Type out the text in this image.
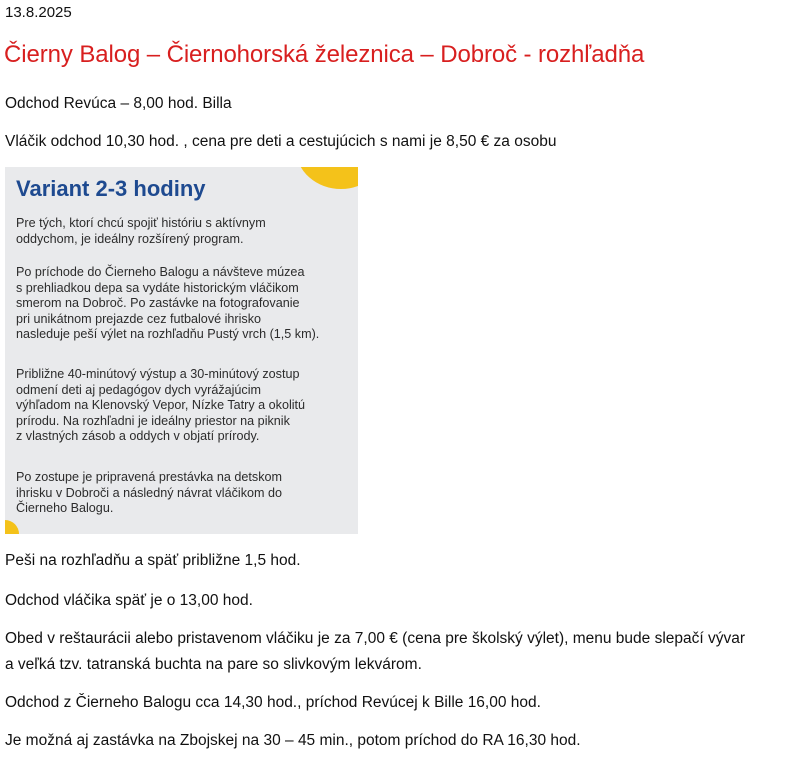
13.8.2025
Čierny Balog – Čiernohorská železnica – Dobroč - rozhľadňa
Odchod Revúca – 8,00 hod. Billa
Vláčik odchod 10,30 hod. , cena pre deti a cestujúcich s nami je 8,50 € za osobu
Variant 2-3 hodiny
Pre tých, ktorí chcú spojiť históriu s aktívnym
oddychom, je ideálny rozšírený program.
Po príchode do Čierneho Balogu a návšteve múzea
s prehliadkou depa sa vydáte historickým vláčikom
smerom na Dobroč. Po zastávke na fotografovanie
pri unikátnom prejazde cez futbalové ihrisko
nasleduje peší výlet na rozhľadňu Pustý vrch (1,5 km).
Približne 40-minútový výstup a 30-minútový zostup
odmení deti aj pedagógov dych vyrážajúcim
výhľadom na Klenovský Vepor, Nízke Tatry a okolitú
prírodu. Na rozhľadni je ideálny priestor na piknik
z vlastných zásob a oddych v objatí prírody.
Po zostupe je pripravená prestávka na detskom
ihrisku v Dobroči a následný návrat vláčikom do
Čierneho Balogu.
Peši na rozhľadňu a späť približne 1,5 hod.
Odchod vláčika späť je o 13,00 hod.
Obed v reštaurácii alebo pristavenom vláčiku je za 7,00 € (cena pre školský výlet), menu bude slepačí vývar
a veľká tzv. tatranská buchta na pare so slivkovým lekvárom.
Odchod z Čierneho Balogu cca 14,30 hod., príchod Revúcej k Bille 16,00 hod.
Je možná aj zastávka na Zbojskej na 30 – 45 min., potom príchod do RA 16,30 hod.
